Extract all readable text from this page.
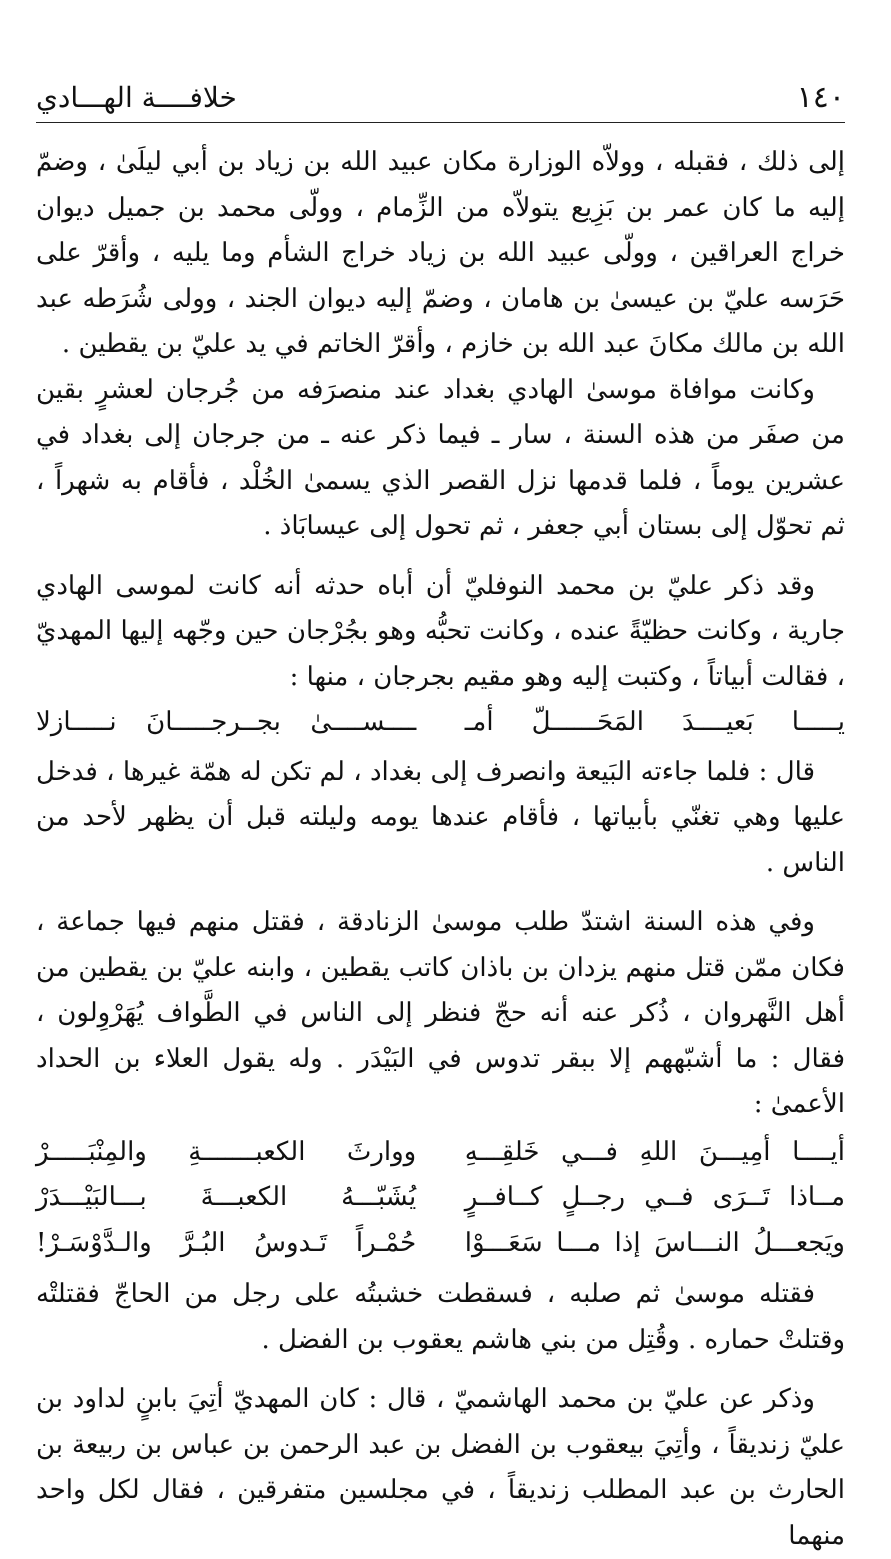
١٤٠
خلافــــة الهـــادي

إلى ذلك ، فقبله ، وولاّه الوزارة مكان عبيد الله بن زياد بن أبي ليلَىٰ ، وضمّ إليه ما كان عمر بن بَزِيع يتولاّه من الزِّمام ، وولّى محمد بن جميل ديوان خراج العراقين ، وولّى عبيد الله بن زياد خراج الشأم وما يليه ، وأقرّ على حَرَسه عليّ بن عيسىٰ بن هامان ، وضمّ إليه ديوان الجند ، وولى شُرَطه عبد الله بن مالك مكانَ عبد الله بن خازم ، وأقرّ الخاتم في يد عليّ بن يقطين .

وكانت موافاة موسىٰ الهادي بغداد عند منصرَفه من جُرجان لعشرٍ بقين من صفَر من هذه السنة ، سار ـ فيما ذكر عنه ـ من جرجان إلى بغداد في عشرين يوماً ، فلما قدمها نزل القصر الذي يسمىٰ الخُلْد ، فأقام به شهراً ، ثم تحوّل إلى بستان أبي جعفر ، ثم تحول إلى عيسابَاذ .

وقد ذكر عليّ بن محمد النوفليّ أن أباه حدثه أنه كانت لموسى الهادي جارية ، وكانت حظيّةً عنده ، وكانت تحبُّه وهو بجُرْجان حين وجّهه إليها المهديّ ، فقالت أبياتاً ، وكتبت إليه وهو مقيم بجرجان ، منها :

يـــــا بَعيــــدَ المَحَــــــلّ أمـ
ــــســــىٰ بجــرجـــــانَ نـــــازلا

قال : فلما جاءته البَيعة وانصرف إلى بغداد ، لم تكن له همّة غيرها ، فدخل عليها وهي تغنّي بأبياتها ، فأقام عندها يومه وليلته قبل أن يظهر لأحد من الناس .

وفي هذه السنة اشتدّ طلب موسىٰ الزنادقة ، فقتل منهم فيها جماعة ، فكان ممّن قتل منهم يزدان بن باذان كاتب يقطين ، وابنه عليّ بن يقطين من أهل النَّهروان ، ذُكر عنه أنه حجّ فنظر إلى الناس في الطَّواف يُهَرْوِلون ، فقال : ما أشبّههم إلا ببقر تدوس في البَيْدَر . وله يقول العلاء بن الحداد الأعمىٰ :

أيــــا أمِيـــنَ اللهِ فـــي خَلقِـــهِ
ووارثَ الكعبـــــــةِ والمِنْبَـــــرْ
مــاذا تَــرَى فــي رجــلٍ كــافــرٍ
يُشَبّـــهُ الكعبـــةَ بـــالبَيْـــدَرْ
ويَجعـــلُ النـــاسَ إذا مـــا سَعَـــوْا
حُمْـراً تَـدوسُ البُـرَّ والـدَّوْسَـرْ!

فقتله موسىٰ ثم صلبه ، فسقطت خشبتُه على رجل من الحاجّ فقتلتْه وقتلتْ حماره . وقُتِل من بني هاشم يعقوب بن الفضل .

وذكر عن عليّ بن محمد الهاشميّ ، قال : كان المهديّ أتِيَ بابنٍ لداود بن عليّ زنديقاً ، وأتِيَ بيعقوب بن الفضل بن عبد الرحمن بن عباس بن ربيعة بن الحارث بن عبد المطلب زنديقاً ، في مجلسين متفرقين ، فقال لكل واحد منهما
